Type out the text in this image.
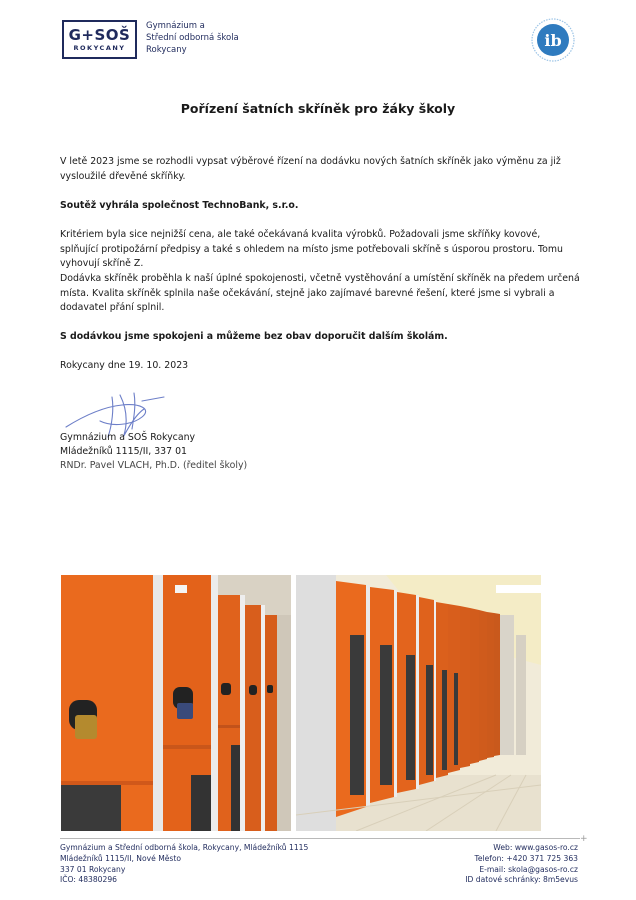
G+SOŠ
ROKYCANY
Gymnázium a
Střední odborná škola
Rokycany	ib
Pořízení šatních skříněk pro žáky školy

V letě 2023 jsme se rozhodli vypsat výběrové řízení na dodávku nových šatních skříněk jako výměnu za již vysloužilé dřevěné skříňky.

Soutěž vyhrála společnost TechnoBank, s.r.o.

Kritériem byla sice nejnižší cena, ale také očekávaná kvalita výrobků. Požadovali jsme skříňky kovové, splňující protipožární předpisy a také s ohledem na místo jsme potřebovali skříně s úsporou prostoru. Tomu vyhovují skříně Z.

Dodávka skříněk proběhla k naší úplné spokojenosti, včetně vystěhování a umístění skříněk na předem určená místa. Kvalita skříněk splnila naše očekávání, stejně jako zajímavé barevné řešení, které jsme si vybrali a dodavatel přání splnil.

S dodávkou jsme spokojeni a můžeme bez obav doporučit dalším školám.

Rokycany dne 19. 10. 2023

Gymnázium a SOŠ Rokycany
Mládežníků 1115/II, 337 01
RNDr. Pavel VLACH, Ph.D. (ředitel školy)
+
Gymnázium a Střední odborná škola, Rokycany, Mládežníků 1115
Mládežníků 1115/II, Nové Město
337 01 Rokycany
IČO: 48380296
Web: www.gasos-ro.cz
Telefon: +420 371 725 363
E-mail: skola@gasos-ro.cz
ID datové schránky: 8m5evus
